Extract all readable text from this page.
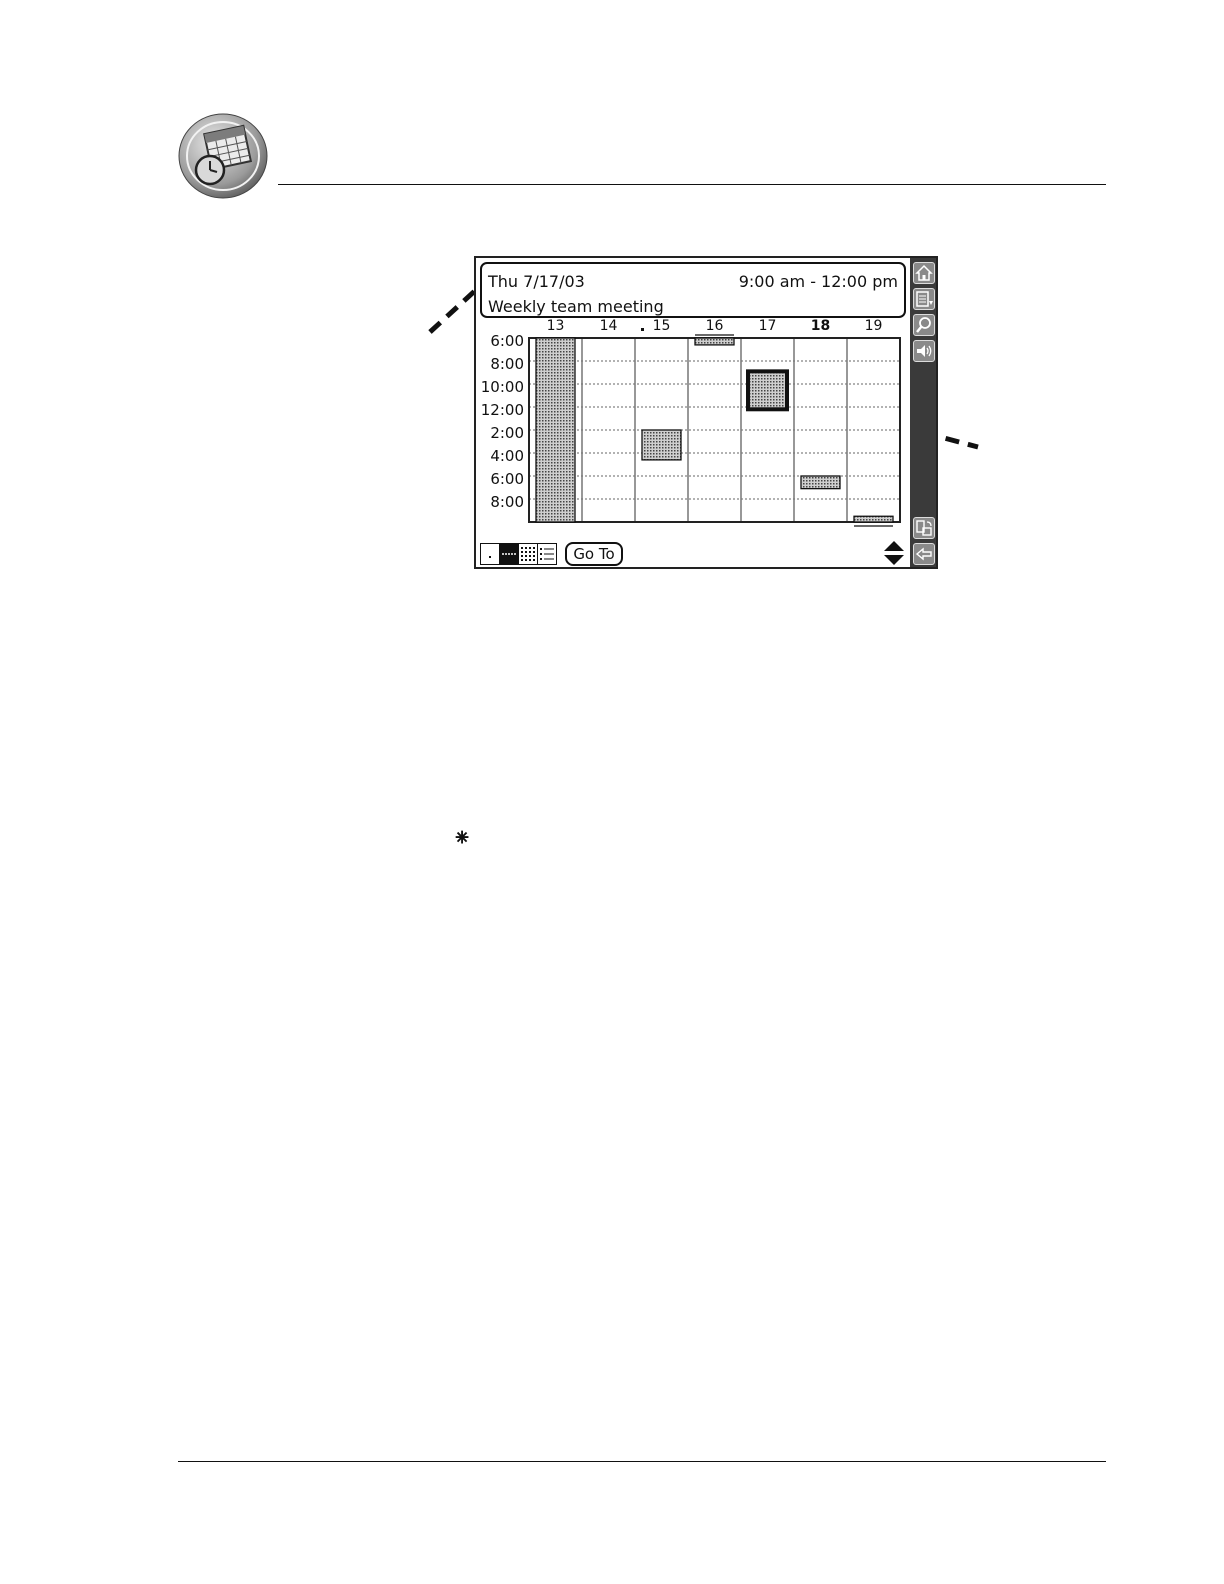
13	14	15	16	17 18 19
6:00
8:00
10:00
12:00
2:00
4:00
6:00
8:00
Thu 7/17/03	9:00 am - 12:00 pm
Weekly team meeting
Go To
⁕
